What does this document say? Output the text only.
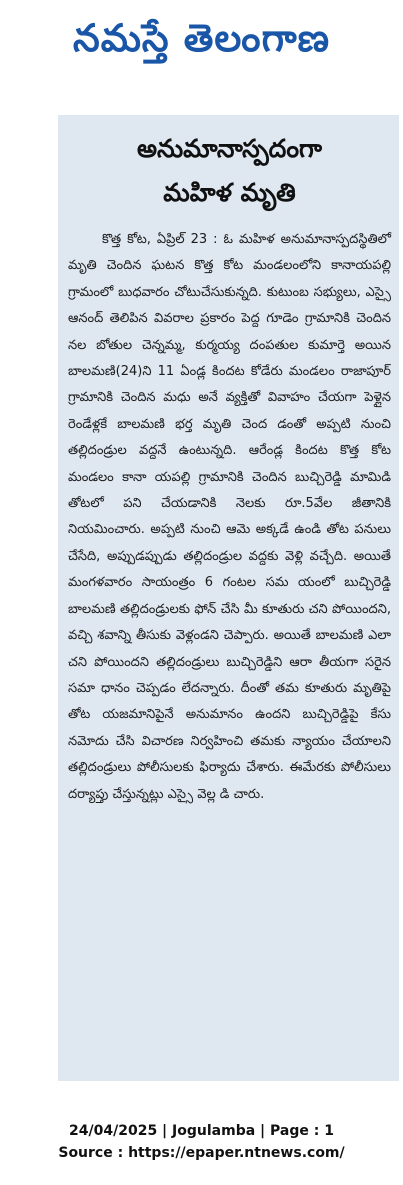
నమస్తే తెలంగాణ
అనుమానాస్పదంగా
మహిళ మృతి

కొత్త కోట, ఏప్రిల్ 23 : ఓ మహిళ అనుమానాస్పదస్థితిలో మృతి చెందిన ఘటన కొత్త కోట మండలంలోని కానాయపల్లి గ్రామంలో బుధవారం చోటుచేసుకున్నది. కుటుంబ సభ్యులు, ఎస్సై ఆనంద్ తెలిపిన వివరాల ప్రకారం పెద్ద గూడెం గ్రామానికి చెందిన నల బోతుల చెన్నమ్మ, కుర్మయ్య దంపతుల కుమార్తె అయిన బాలమణి(24)ని 11 ఏండ్ల కిందట కోడేరు మండలం రాజాపూర్ గ్రామానికి చెందిన మధు అనే వ్యక్తితో వివాహం చేయగా పెళ్లైన రెండేళ్లకే బాలమణి భర్త మృతి చెంద డంతో అప్పటి నుంచి తల్లిదండ్రుల వద్దనే ఉంటున్నది. ఆరేండ్ల కిందట కొత్త కోట మండలం కానా యపల్లి గ్రామానికి చెందిన బుచ్చిరెడ్డి మామిడి తోటలో పని చేయడానికి నెలకు రూ.5వేల జీతానికి నియమించారు. అప్పటి నుంచి ఆమె అక్కడే ఉండి తోట పనులు చేసేది, అప్పుడప్పుడు తల్లిదండ్రుల వద్దకు వెళ్లి వచ్చేది. అయితే మంగళవారం సాయంత్రం 6 గంటల సమ యంలో బుచ్చిరెడ్డి బాలమణి తల్లిదండ్రులకు ఫోన్ చేసి మీ కూతురు చని పోయిందని, వచ్చి శవాన్ని తీసుకు వెళ్లండని చెప్పారు. అయితే బాలమణి ఎలా చని పోయిందని తల్లిదండ్రులు బుచ్చిరెడ్డిని ఆరా తీయగా సరైన సమా ధానం చెప్పడం లేదన్నారు. దీంతో తమ కూతురు మృతిపై తోట యజమానిపైనే అనుమానం ఉందని బుచ్చిరెడ్డిపై కేసు నమోదు చేసి విచారణ నిర్వహించి తమకు న్యాయం చేయాలని తల్లిదండ్రులు పోలీసులకు ఫిర్యాదు చేశారు. ఈమేరకు పోలీసులు దర్యాప్తు చేస్తున్నట్లు ఎస్సై వెల్ల డి చారు.

24/04/2025 | Jogulamba | Page : 1
Source : https://epaper.ntnews.com/
